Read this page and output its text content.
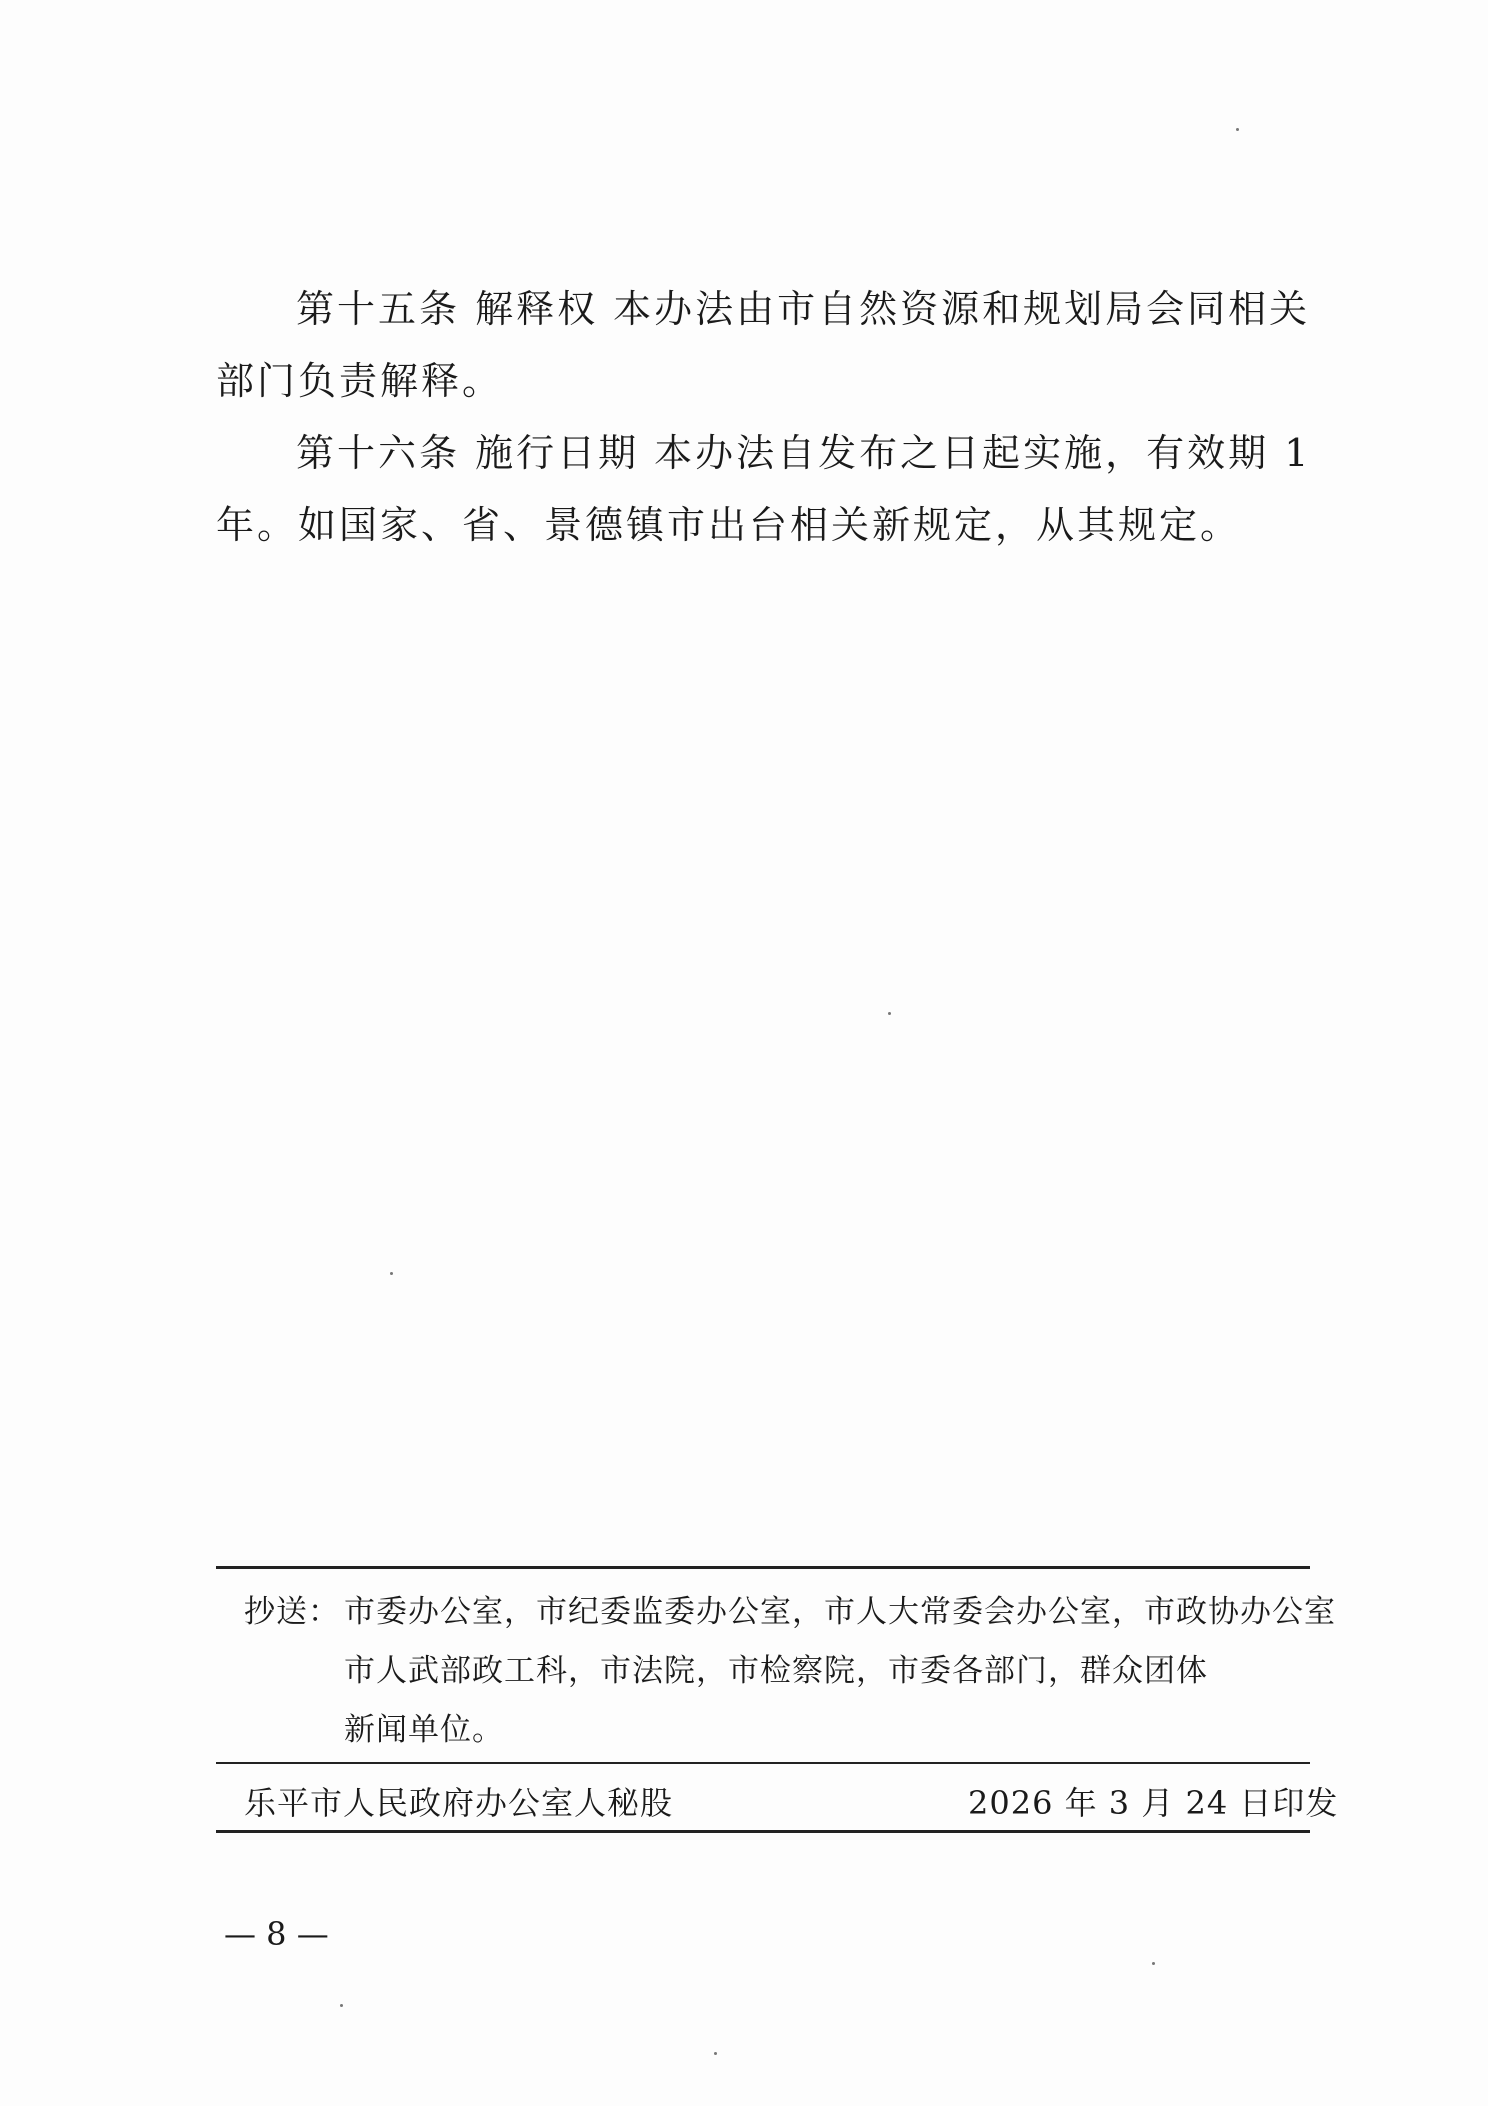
第十五条 解释权 本办法由市自然资源和规划局会同相关
部门负责解释。
第十六条 施行日期 本办法自发布之日起实施，有效期 1
年。如国家、省、景德镇市出台相关新规定，从其规定。
抄送： 市委办公室，市纪委监委办公室，市人大常委会办公室，市政协办公室
市人武部政工科，市法院，市检察院，市委各部门，群众团体
新闻单位。
乐平市人民政府办公室人秘股	2026 年 3 月 24 日印发
— 8 —
